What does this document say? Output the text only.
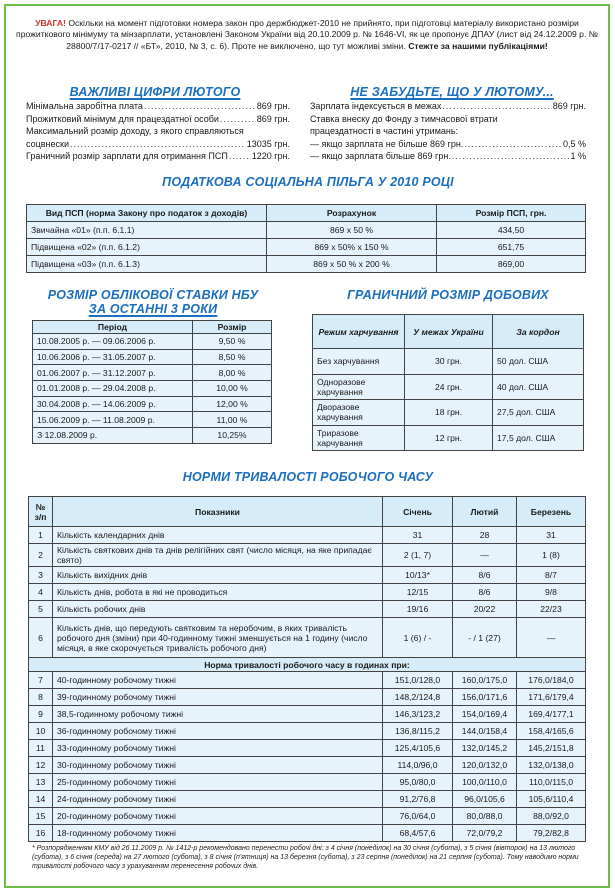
УВАГА! Оскільки на момент підготовки номера закон про держбюджет-2010 не прийнято, при підготовці матеріалу використано розміри прожиткового мінімуму та мінзарплати, установлені Законом України від 20.10.2009 р. № 1646-VI, як це пропонує ДПАУ (лист від 24.12.2009 р. № 28800/7/17-0217 // «БТ», 2010, № 3, с. 6). Проте не виключено, що тут можливі зміни. Стежте за нашими публікаціями!
ВАЖЛИВІ ЦИФРИ ЛЮТОГО
Мінімальна заробітна плата .....	869 грн.
Прожитковий мінімум для працездатної особи .....	869 грн.
Максимальний розмір доходу, з якого справляються
соцвнески .....	13035 грн.
Граничний розмір зарплати для отримання ПСП .....	1220 грн.
НЕ ЗАБУДЬТЕ, ЩО У ЛЮТОМУ...
Зарплата індексується в межах .....	869 грн.
Ставка внеску до Фонду з тимчасової втрати
працездатності в частині утримань:
— якщо зарплата не більше 869 грн. .....	0,5 %
— якщо зарплата більше 869 грн. .....	1 %
ПОДАТКОВА СОЦІАЛЬНА ПІЛЬГА У 2010 РОЦІ
Вид ПСП (норма Закону про податок з доходів)	Розрахунок	Розмір ПСП, грн.
Звичайна «01» (п.п. 6.1.1)	869 х 50 %	434,50
Підвищена «02» (п.п. 6.1.2)	869 х 50% х 150 %	651,75
Підвищена «03» (п.п. 6.1.3)	869 х 50 % х 200 %	869,00
РОЗМІР ОБЛІКОВОЇ СТАВКИ НБУ
ЗА ОСТАННІ 3 РОКИ
Період	Розмір
10.08.2005 р. — 09.06.2006 р.	9,50 %
10.06.2006 р. — 31.05.2007 р.	8,50 %
01.06.2007 р. — 31.12.2007 р.	8,00 %
01.01.2008 р. — 29.04.2008 р.	10,00 %
30.04.2008 р. — 14.06.2009 р.	12,00 %
15.06.2009 р. — 11.08.2009 р.	11,00 %
З 12.08.2009 р.	10,25%
ГРАНИЧНИЙ РОЗМІР ДОБОВИХ
Режим харчування	У межах України	За кордон
Без харчування	30 грн.	50 дол. США
Одноразове харчування	24 грн.	40 дол. США
Дворазове харчування	18 грн.	27,5 дол. США
Триразове харчування	12 грн.	17,5 дол. США
НОРМИ ТРИВАЛОСТІ РОБОЧОГО ЧАСУ
№ з/п	Показники	Січень	Лютий	Березень
1	Кількість календарних днів	31	28	31
2	Кількість святкових днів та днів релігійних свят (число місяця, на яке припадає свято)	2 (1, 7)	—	1 (8)
3	Кількість вихідних днів	10/13*	8/6	8/7
4	Кількість днів, робота в які не проводиться	12/15	8/6	9/8
5	Кількість робочих днів	19/16	20/22	22/23
6	Кількість днів, що передують святковим та неробочим, в яких тривалість робочого дня (зміни) при 40-годинному тижні зменшується на 1 годину (число місяця, в яке скорочується тривалість робочого дня)	1 (6) / -	- / 1 (27)	—
Норма тривалості робочого часу в годинах при:				
7	40-годинному робочому тижні	151,0/128,0	160,0/175,0	176,0/184,0
8	39-годинному робочому тижні	148,2/124,8	156,0/171,6	171,6/179,4
9	38,5-годинному робочому тижні	146,3/123,2	154,0/169,4	169,4/177,1
10	36-годинному робочому тижні	136,8/115,2	144,0/158,4	158,4/165,6
11	33-годинному робочому тижні	125,4/105,6	132,0/145,2	145,2/151,8
12	30-годинному робочому тижні	114,0/96,0	120,0/132,0	132,0/138,0
13	25-годинному робочому тижні	95,0/80,0	100,0/110,0	110,0/115,0
14	24-годинному робочому тижні	91,2/76,8	96,0/105,6	105,6/110,4
15	20-годинному робочому тижні	76,0/64,0	80,0/88,0	88,0/92,0
16	18-годинному робочому тижні	68,4/57,6	72,0/79,2	79,2/82,8
* Розпорядженням КМУ від 26.11.2009 р. № 1412-р рекомендовано перенести робочі дні: з 4 січня (понеділок) на 30 січня (субота), з 5 січня (вівторок) на 13 лютого (субота), з 6 січня (середа) на 27 лютого (субота), з 8 січня (п'ятниця) на 13 березня (субота), з 23 серпня (понеділок) на 21 серпня (субота). Тому наводимо норми тривалості робочого часу з урахуванням перенесення робочих днів.
